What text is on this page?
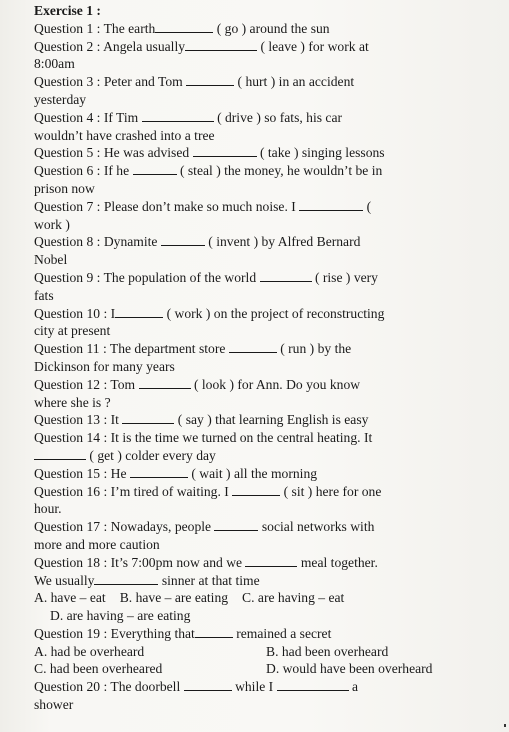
Exercise 1 :
Question 1 : The earth	( go ) around the sun
Question 2 : Angela usually	( leave ) for work at
8:00am
Question 3 : Peter and Tom	( hurt ) in an accident
yesterday
Question 4 : If Tim	( drive ) so fats, his car
wouldn’t have crashed into a tree
Question 5 : He was advised	( take ) singing lessons
Question 6 : If he	( steal ) the money, he wouldn’t be in
prison now
Question 7 : Please don’t make so much noise. I	(
work )
Question 8 : Dynamite	( invent ) by Alfred Bernard
Nobel
Question 9 : The population of the world	( rise ) very
fats
Question 10 : I	( work ) on the project of reconstructing
city at present
Question 11 : The department store	( run ) by the
Dickinson for many years
Question 12 : Tom	( look ) for Ann. Do you know
where she is ?
Question 13 : It	( say ) that learning English is easy
Question 14 : It is the time we turned on the central heating. It
( get ) colder every day
Question 15 : He	( wait ) all the morning
Question 16 : I’m tired of waiting. I	( sit ) here for one
hour.
Question 17 : Nowadays, people	social networks with
more and more caution
Question 18 : It’s 7:00pm now and we	meal together.
We usually	sinner at that time
A. have – eat B. have – are eating C. are having – eat
D. are having – are eating
Question 19 : Everything that	remained a secret
A. had be overheard	B. had been overheard
C. had been overheared	D. would have been overheard
Question 20 : The doorbell	while I	a
shower
